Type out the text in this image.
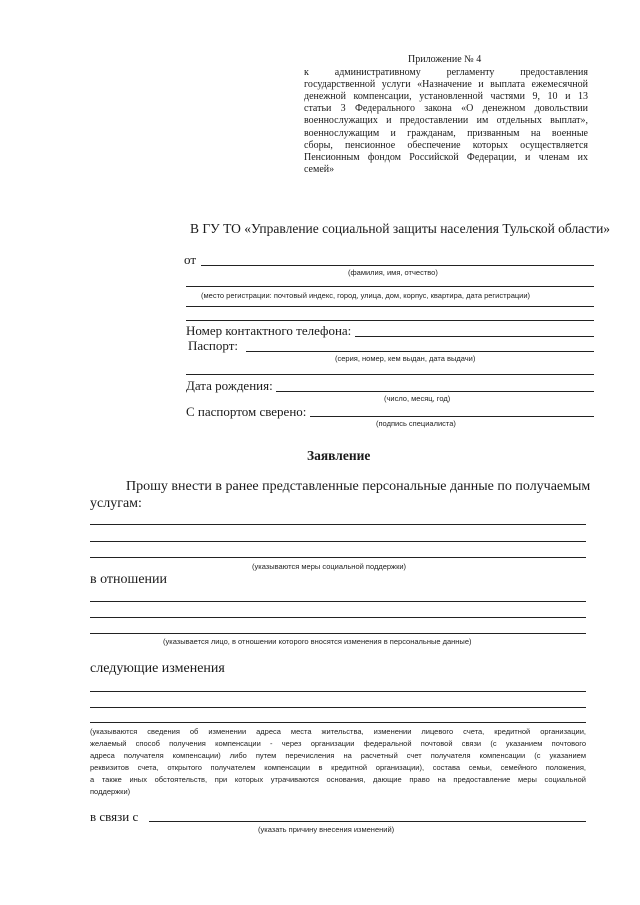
Приложение № 4
к административному регламенту предоставления
государственной услуги «Назначение и выплата ежемесячной
денежной компенсации, установленной частями 9, 10 и 13
статьи 3 Федерального закона «О денежном довольствии
военнослужащих и предоставлении им отдельных выплат»,
военнослужащим и гражданам, призванным на военные
сборы, пенсионное обеспечение которых осуществляется
Пенсионным фондом Российской Федерации, и членам их
семей»
В ГУ ТО «Управление социальной защиты населения Тульской области»
от
(фамилия, имя, отчество)
(место регистрации: почтовый индекс, город, улица, дом, корпус, квартира, дата регистрации)
Номер контактного телефона:
Паспорт:
(серия, номер, кем выдан, дата выдачи)
Дата рождения:
(число, месяц, год)
С паспортом сверено:
(подпись специалиста)
Заявление
Прошу внести в ранее представленные персональные данные по получаемым
услугам:
(указываются меры социальной поддержки)
в отношении
(указывается лицо, в отношении которого вносятся изменения в персональные данные)
следующие изменения
(указываются сведения об изменении адреса места жительства, изменении лицевого счета, кредитной организации,
желаемый способ получения компенсации - через организации федеральной почтовой связи (с указанием почтового
адреса получателя компенсации) либо путем перечисления на расчетный счет получателя компенсации (с указанием
реквизитов счета, открытого получателем компенсации в кредитной организации), состава семьи, семейного положения,
а также иных обстоятельств, при которых утрачиваются основания, дающие право на предоставление меры социальной
поддержки)
в связи с
(указать причину внесения изменений)
